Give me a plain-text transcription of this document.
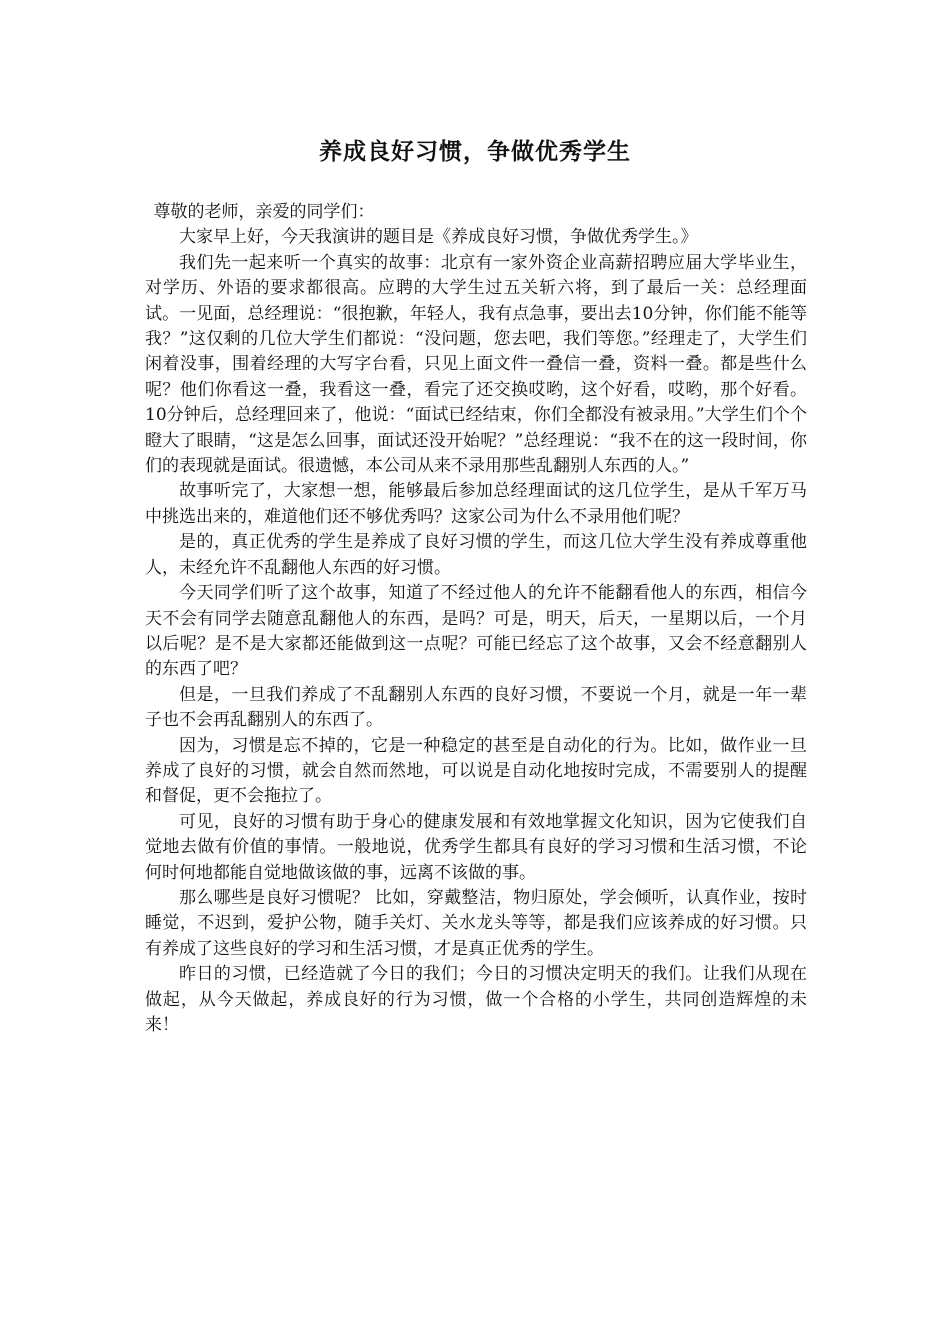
养成良好习惯，争做优秀学生

尊敬的老师，亲爱的同学们：

大家早上好，今天我演讲的题目是《养成良好习惯，争做优秀学生。》

我们先一起来听一个真实的故事：北京有一家外资企业高薪招聘应届大学毕业生，对学历、外语的要求都很高。应聘的大学生过五关斩六将，到了最后一关：总经理面试。一见面，总经理说：“很抱歉，年轻人，我有点急事，要出去10分钟，你们能不能等我？”这仅剩的几位大学生们都说：“没问题，您去吧，我们等您。”经理走了，大学生们闲着没事，围着经理的大写字台看，只见上面文件一叠信一叠，资料一叠。都是些什么呢？他们你看这一叠，我看这一叠，看完了还交换哎哟，这个好看，哎哟，那个好看。10分钟后，总经理回来了，他说：“面试已经结束，你们全都没有被录用。”大学生们个个瞪大了眼睛，“这是怎么回事，面试还没开始呢？”总经理说：“我不在的这一段时间，你们的表现就是面试。很遗憾，本公司从来不录用那些乱翻别人东西的人。”

故事听完了，大家想一想，能够最后参加总经理面试的这几位学生，是从千军万马中挑选出来的，难道他们还不够优秀吗？这家公司为什么不录用他们呢？

是的，真正优秀的学生是养成了良好习惯的学生，而这几位大学生没有养成尊重他人，未经允许不乱翻他人东西的好习惯。

今天同学们听了这个故事，知道了不经过他人的允许不能翻看他人的东西，相信今天不会有同学去随意乱翻他人的东西，是吗？可是，明天，后天，一星期以后，一个月以后呢？是不是大家都还能做到这一点呢？可能已经忘了这个故事，又会不经意翻别人的东西了吧？

但是，一旦我们养成了不乱翻别人东西的良好习惯，不要说一个月，就是一年一辈子也不会再乱翻别人的东西了。

因为，习惯是忘不掉的，它是一种稳定的甚至是自动化的行为。比如，做作业一旦养成了良好的习惯，就会自然而然地，可以说是自动化地按时完成，不需要别人的提醒和督促，更不会拖拉了。

可见，良好的习惯有助于身心的健康发展和有效地掌握文化知识，因为它使我们自觉地去做有价值的事情。一般地说，优秀学生都具有良好的学习习惯和生活习惯，不论何时何地都能自觉地做该做的事，远离不该做的事。

那么哪些是良好习惯呢？ 比如，穿戴整洁，物归原处，学会倾听，认真作业，按时睡觉，不迟到，爱护公物，随手关灯、关水龙头等等，都是我们应该养成的好习惯。只有养成了这些良好的学习和生活习惯，才是真正优秀的学生。

昨日的习惯，已经造就了今日的我们；今日的习惯决定明天的我们。让我们从现在做起，从今天做起，养成良好的行为习惯，做一个合格的小学生，共同创造辉煌的未来！
